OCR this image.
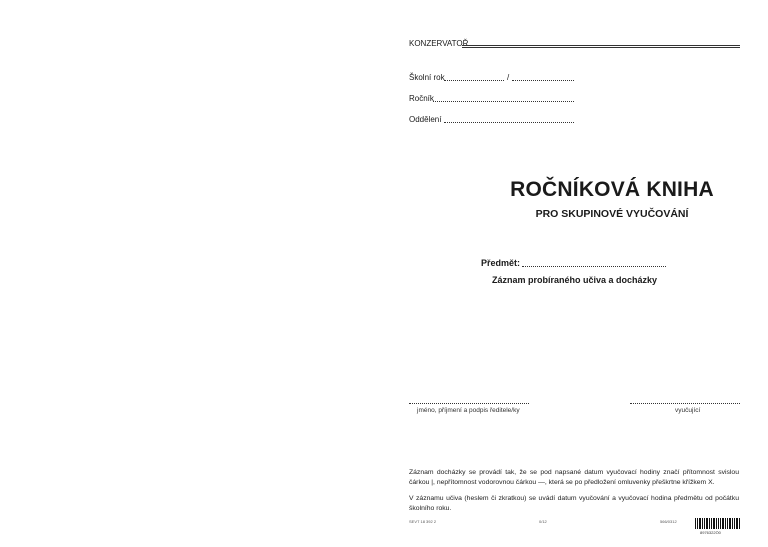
KONZERVATOŘ
Školní rok	/
Ročník
Oddělení
ROČNÍKOVÁ KNIHA
PRO SKUPINOVÉ VYUČOVÁNÍ
Předmět:
Záznam probíraného učiva a docházky
jméno, příjmení a podpis ředitele/ky	vyučující
Záznam docházky se provádí tak, že se pod napsané datum vyučovací hodiny značí přítomnost svislou čárkou |, nepřítomnost vodorovnou čárkou —, která se po předložení omluvenky přeškrtne křížkem X.
V záznamu učiva (heslem či zkratkou) se uvádí datum vyučování a vyučovací hodina předmětu od počátku školního roku.
SEVT 18 392 2	0/12	566/0312
8976322Ö0
